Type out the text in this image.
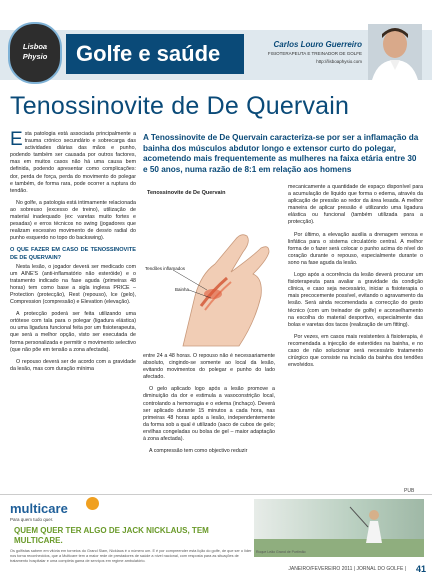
Lisboa
Physio	Golfe e saúde	Carlos Louro Guerreiro
FISIOTERAPEUTA E TREINADOR DE GOLFE
http://lisboaphysio.com
Tenossinovite de De Quervain
A Tenossinovite de De Quervain caracteriza-se por ser a inflamação da bainha dos músculos abdutor longo e extensor curto do polegar, acometendo mais frequentemente as mulheres na faixa etária entre 30 e 50 anos, numa razão de 8:1 em relação aos homens

Esta patologia está associada principalmente a trauma crónico secundário e sobrecarga das actividades diárias das mãos e punho, podendo também ser causada por outros factores, mas em muitos casos não há uma causa bem definida, podendo apresentar como complicações: dor, perda de força, perda do movimento do polegar e também, de forma rara, pode ocorrer a ruptura do tendão.

No golfe, a patologia está intimamente relacionada ao sobreuso (excesso de treino), utilização de material inadequado (ex: varetas muito fortes e pesadas) e erros técnicos no swing (jogadores que realizam excessivo movimento de desvio radial do punho esquerdo no topo do backswing).

O QUE FAZER EM CASO DE TENOSSINOVITE DE DE QUERVAIN?

Nesta lesão, o jogador deverá ser medicado com um AINE'S (anti-inflamatório não esteróide) e o tratamento indicado na fase aguda (primeiras 48 horas) tem como base a sigla inglesa PRICE – Protection (protecção), Rest (repouso), Ice (gelo), Compression (compressão) e Elevation (elevação).

A protecção poderá ser feita utilizando uma ortótese com tala para o polegar (ligadura elástica) ou uma ligadura funcional feita por um fisioterapeuta, que será a melhor opção, visto ser executada de forma personalizada e permitir o movimento selectivo (que não põe em tensão a zona afectada).

O repouso deverá ser de acordo com a gravidade da lesão, mas com duração mínima

Tenossinovite de De Quervain
Tendões inflamados
Bainha

entre 24 a 48 horas. O repouso não é necessariamente absoluto, cingindo-se somente ao local da lesão, evitando movimentos do polegar e punho do lado afectado.

O gelo aplicado logo após a lesão promove a diminuição da dor e estimula a vasoconstrição local, controlando a hemorragia e o edema (inchaço). Deverá ser aplicado durante 15 minutos a cada hora, nas primeiras 48 horas após a lesão, independentemente da forma sob a qual é utilizado (saco de cubos de gelo; ervilhas congeladas ou bolsa de gel – maior adaptação à zona afectada).

A compressão tem como objectivo reduzir

mecanicamente a quantidade de espaço disponível para a acumulação de líquido que forma o edema, através da aplicação de pressão ao redor da área lesada. A melhor maneira de aplicar pressão é utilizando uma ligadura elástica ou funcional (também utilizada para a protecção).

Por último, a elevação auxilia a drenagem venosa e linfática para o sistema circulatório central. A melhor forma de o fazer será colocar o punho acima do nível do coração durante o repouso, especialmente durante o sono na fase aguda da lesão.

Logo após a ocorrência da lesão deverá procurar um fisioterapeuta para avaliar a gravidade da condição clínica, e caso seja necessário, iniciar a fisioterapia o mais precocemente possível, evitando o agravamento da lesão. Será ainda recomendada a correcção do gesto técnico (com um treinador de golfe) e aconselhamento na escolha do material desportivo, especialmente das bolas e varetas dos tacos (realização de um fitting).

Por vezes, em casos mais resistentes à fisioterapia, é recomendada a injecção de esteróides na bainha, e no caso de não solucionar será necessário tratamento cirúrgico que consiste na incisão da bainha dos tendões envolvidos.

PUB
multicare
Para quem tudo quer.
QUEM QUER TER ALGO DE JACK NICKLAUS, TEM MULTICARE.
Os golfistas sabem em vitória em torneios do Grand Slam, Nicklaus é o número um. E é por compreender esta lição do golfe, de que ser o líder nos torna reconhecidos, que a Multicare tem a maior rede de prestadores de saúde a nível nacional, com resposta para as situações de tratamento hospitalar e uma completa gama de serviços em regime ambulatório.
Roque Leão Grand de Portimão
JANEIRO/FEVEREIRO 2011 | JORNAL DO GOLFE | 41
